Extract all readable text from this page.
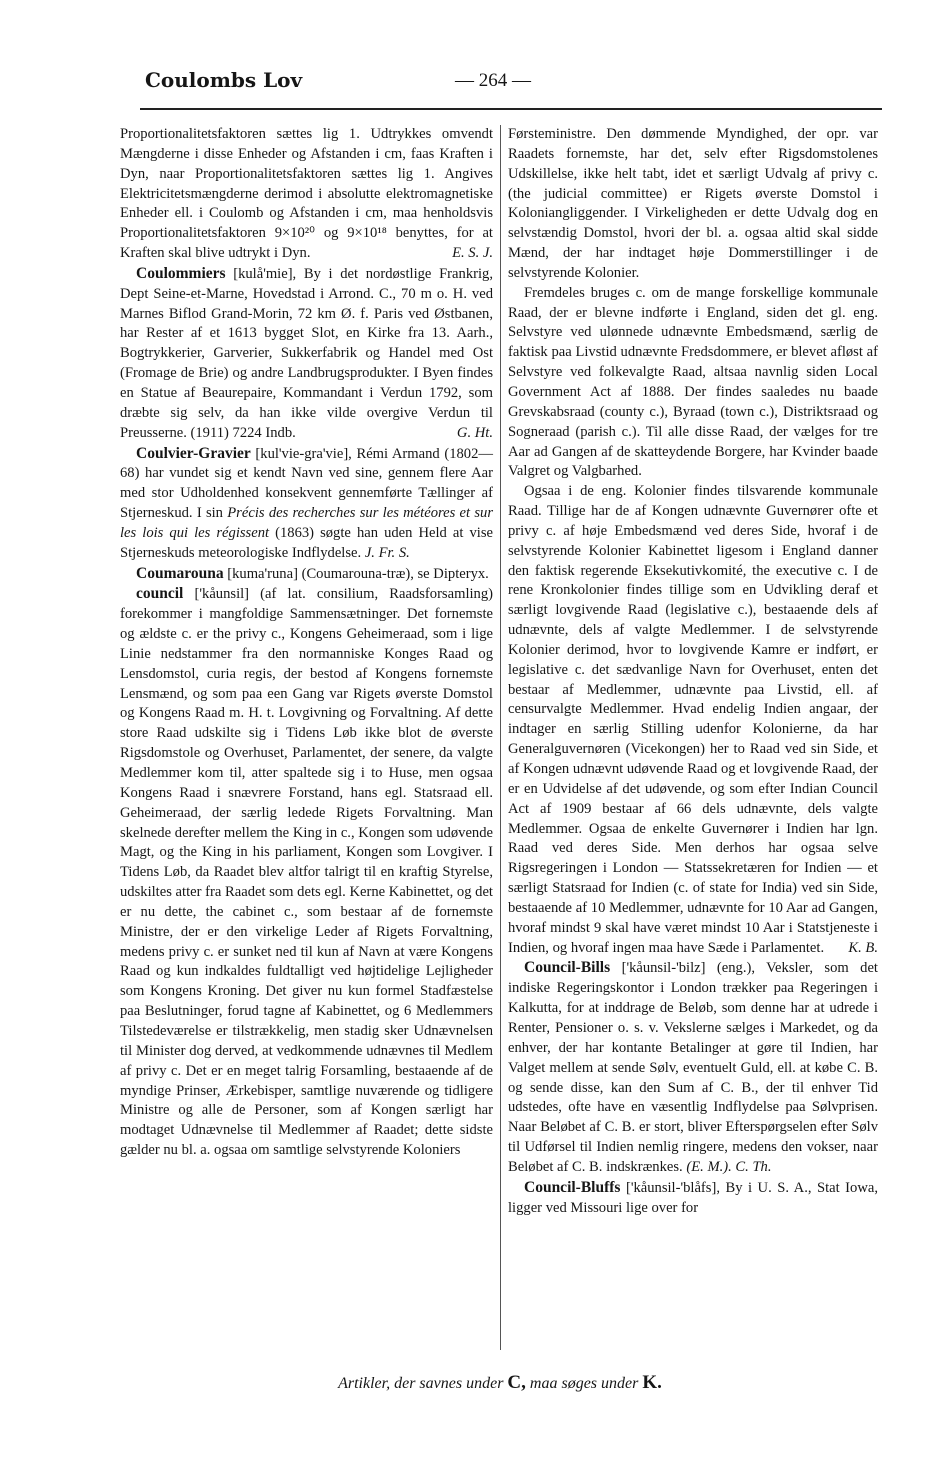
Coulombs Lov	— 264 —

Proportionalitetsfaktoren sættes lig 1. Udtrykkes omvendt Mængderne i disse Enheder og Afstanden i cm, faas Kraften i Dyn, naar Proportionalitetsfaktoren sættes lig 1. Angives Elektricitetsmængderne derimod i absolutte elektromagnetiske Enheder ell. i Coulomb og Afstanden i cm, maa henholdsvis Proportionalitetsfaktoren 9×10²⁰ og 9×10¹⁸ benyttes, for at Kraften skal blive udtrykt i Dyn.	E. S. J.

Coulommiers [kulå'mie], By i det nordøstlige Frankrig, Dept Seine-et-Marne, Hovedstad i Arrond. C., 70 m o. H. ved Marnes Biflod Grand-Morin, 72 km Ø. f. Paris ved Østbanen, har Rester af et 1613 bygget Slot, en Kirke fra 13. Aarh., Bogtrykkerier, Garverier, Sukkerfabrik og Handel med Ost (Fromage de Brie) og andre Landbrugsprodukter. I Byen findes en Statue af Beaurepaire, Kommandant i Verdun 1792, som dræbte sig selv, da han ikke vilde overgive Verdun til Preusserne. (1911) 7224 Indb.	G. Ht.

Coulvier-Gravier [kul'vie-gra'vie], Rémi Armand (1802—68) har vundet sig et kendt Navn ved sine, gennem flere Aar med stor Udholdenhed konsekvent gennemførte Tællinger af Stjerneskud. I sin Précis des recherches sur les météores et sur les lois qui les régissent (1863) søgte han uden Held at vise Stjerneskuds meteorologiske Indflydelse. J. Fr. S.

Coumarouna [kuma'runa] (Coumarouna-træ), se Dipteryx.

council ['kåunsil] (af lat. consilium, Raadsforsamling) forekommer i mangfoldige Sammensætninger. Det fornemste og ældste c. er the privy c., Kongens Geheimeraad, som i lige Linie nedstammer fra den normanniske Konges Raad og Lensdomstol, curia regis, der bestod af Kongens fornemste Lensmænd, og som paa een Gang var Rigets øverste Domstol og Kongens Raad m. H. t. Lovgivning og Forvaltning. Af dette store Raad udskilte sig i Tidens Løb ikke blot de øverste Rigsdomstole og Overhuset, Parlamentet, der senere, da valgte Medlemmer kom til, atter spaltede sig i to Huse, men ogsaa Kongens Raad i snævrere Forstand, hans egl. Statsraad ell. Geheimeraad, der særlig ledede Rigets Forvaltning. Man skelnede derefter mellem the King in c., Kongen som udøvende Magt, og the King in his parliament, Kongen som Lovgiver. I Tidens Løb, da Raadet blev altfor talrigt til en kraftig Styrelse, udskiltes atter fra Raadet som dets egl. Kerne Kabinettet, og det er nu dette, the cabinet c., som bestaar af de fornemste Ministre, der er den virkelige Leder af Rigets Forvaltning, medens privy c. er sunket ned til kun af Navn at være Kongens Raad og kun indkaldes fuldtalligt ved højtidelige Lejligheder som Kongens Kroning. Det giver nu kun formel Stadfæstelse paa Beslutninger, forud tagne af Kabinettet, og 6 Medlemmers Tilstedeværelse er tilstrækkelig, men stadig sker Udnævnelsen til Minister dog derved, at vedkommende udnævnes til Medlem af privy c. Det er en meget talrig Forsamling, bestaaende af de myndige Prinser, Ærkebisper, samtlige nuværende og tidligere Ministre og alle de Personer, som af Kongen særligt har modtaget Udnævnelse til Medlemmer af Raadet; dette sidste gælder nu bl. a. ogsaa om samtlige selvstyrende Koloniers

Førsteministre. Den dømmende Myndighed, der opr. var Raadets fornemste, har det, selv efter Rigsdomstolenes Udskillelse, ikke helt tabt, idet et særligt Udvalg af privy c. (the judicial committee) er Rigets øverste Domstol i Koloniangliggender. I Virkeligheden er dette Udvalg dog en selvstændig Domstol, hvori der bl. a. ogsaa altid skal sidde Mænd, der har indtaget høje Dommerstillinger i de selvstyrende Kolonier.

Fremdeles bruges c. om de mange forskellige kommunale Raad, der er blevne indførte i England, siden det gl. eng. Selvstyre ved ulønnede udnævnte Embedsmænd, særlig de faktisk paa Livstid udnævnte Fredsdommere, er blevet afløst af Selvstyre ved folkevalgte Raad, altsaa navnlig siden Local Government Act af 1888. Der findes saaledes nu baade Grevskabsraad (county c.), Byraad (town c.), Distriktsraad og Sogneraad (parish c.). Til alle disse Raad, der vælges for tre Aar ad Gangen af de skatteydende Borgere, har Kvinder baade Valgret og Valgbarhed.

Ogsaa i de eng. Kolonier findes tilsvarende kommunale Raad. Tillige har de af Kongen udnævnte Guvernører ofte et privy c. af høje Embedsmænd ved deres Side, hvoraf i de selvstyrende Kolonier Kabinettet ligesom i England danner den faktisk regerende Eksekutivkomité, the executive c. I de rene Kronkolonier findes tillige som en Udvikling deraf et særligt lovgivende Raad (legislative c.), bestaaende dels af udnævnte, dels af valgte Medlemmer. I de selvstyrende Kolonier derimod, hvor to lovgivende Kamre er indført, er legislative c. det sædvanlige Navn for Overhuset, enten det bestaar af Medlemmer, udnævnte paa Livstid, ell. af censurvalgte Medlemmer. Hvad endelig Indien angaar, der indtager en særlig Stilling udenfor Kolonierne, da har Generalguvernøren (Vicekongen) her to Raad ved sin Side, et af Kongen udnævnt udøvende Raad og et lovgivende Raad, der er en Udvidelse af det udøvende, og som efter Indian Council Act af 1909 bestaar af 66 dels udnævnte, dels valgte Medlemmer. Ogsaa de enkelte Guvernører i Indien har lgn. Raad ved deres Side. Men derhos har ogsaa selve Rigsregeringen i London — Statssekretæren for Indien — et særligt Statsraad for Indien (c. of state for India) ved sin Side, bestaaende af 10 Medlemmer, udnævnte for 10 Aar ad Gangen, hvoraf mindst 9 skal have været mindst 10 Aar i Statstjeneste i Indien, og hvoraf ingen maa have Sæde i Parlamentet.	K. B.

Council-Bills ['kåunsil-'bilz] (eng.), Veksler, som det indiske Regeringskontor i London trækker paa Regeringen i Kalkutta, for at inddrage de Beløb, som denne har at udrede i Renter, Pensioner o. s. v. Vekslerne sælges i Markedet, og da enhver, der har kontante Betalinger at gøre til Indien, har Valget mellem at sende Sølv, eventuelt Guld, ell. at købe C. B. og sende disse, kan den Sum af C. B., der til enhver Tid udstedes, ofte have en væsentlig Indflydelse paa Sølvprisen. Naar Beløbet af C. B. er stort, bliver Efterspørgselen efter Sølv til Udførsel til Indien nemlig ringere, medens den vokser, naar Beløbet af C. B. indskrænkes. (E. M.). C. Th.

Council-Bluffs ['kåunsil-'blåfs], By i U. S. A., Stat Iowa, ligger ved Missouri lige over for

Artikler, der savnes under C, maa søges under K.
